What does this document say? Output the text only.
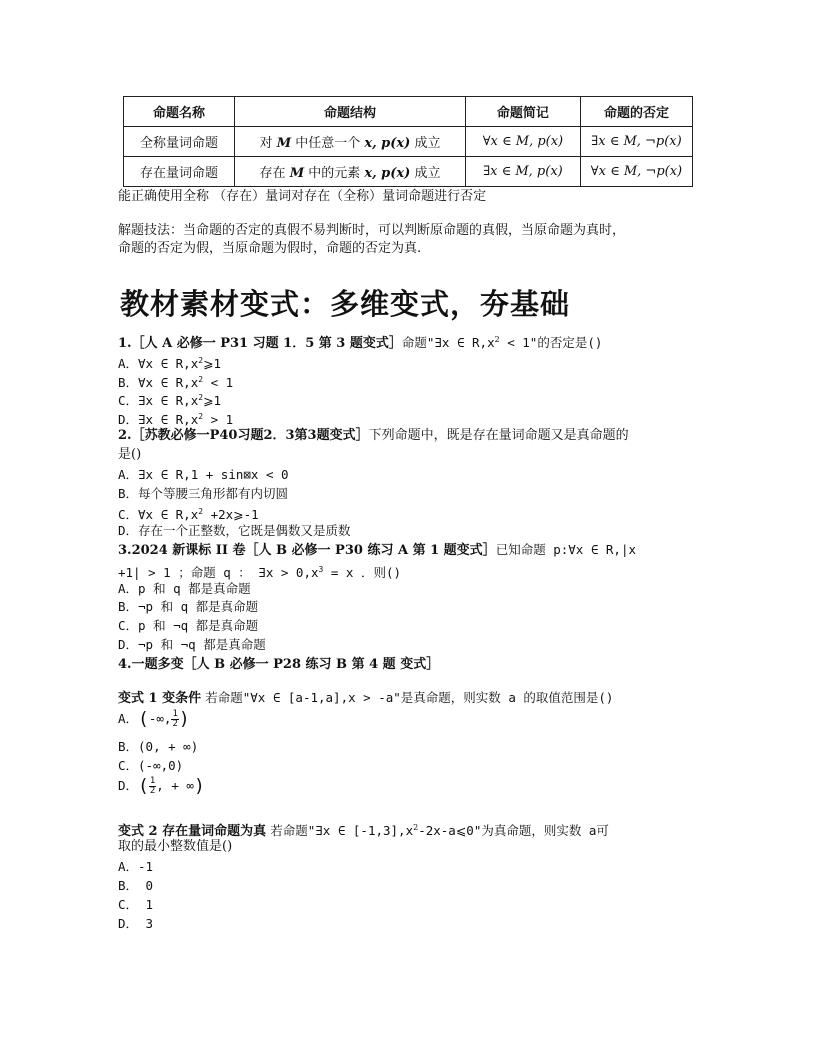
命题名称	命题结构	命题简记	命题的否定
全称量词命题	对 M 中任意一个 x, p(x) 成立	∀x ∈ M, p(x)	∃x ∈ M, ¬p(x)
存在量词命题	存在 M 中的元素 x, p(x) 成立	∃x ∈ M, p(x)	∀x ∈ M, ¬p(x)
能正确使用全称 （存在）量词对存在（全称）量词命题进行否定
解题技法：当命题的否定的真假不易判断时，可以判断原命题的真假，当原命题为真时，
命题的否定为假，当原命题为假时，命题的否定为真.
教材素材变式：多维变式，夯基础
1.［人 A 必修一 P31 习题 1．5 第 3 题变式］命题"∃x ∈ $R,x^2 < 1$"的否定是()
A．∀x ∈ $R,x^2⩾1$
B．∀x ∈ $R,x^2 < 1$
C．∃x ∈ $R,x^2⩾1$
D．∃x ∈ $R,x^2 > 1$
2.［苏教必修一P40习题2．3第3题变式］下列命题中，既是存在量词命题又是真命题的
是()
A．∃x ∈ R,1 + sin⊠x < 0
B．每个等腰三角形都有内切圆
C．∀x ∈ $R,x^2$ +2x⩾-1
D．存在一个正整数，它既是偶数又是质数
3.2024 新课标 II 卷［人 B 必修一 P30 练习 A 第 1 题变式］已知命题 p:∀x ∈ R,|x
+1| > 1 ；命题 q ： ∃x > $0,x^3 = x$ ．则()
A．p 和 q 都是真命题
B．¬p 和 q 都是真命题
C．p 和 ¬q 都是真命题
D．¬p 和 ¬q 都是真命题
4.一题多变［人 B 必修一 P28 练习 B 第 4 题 变式］
变式 1 变条件 若命题"∀x ∈ [a-1,a],x > -a"是真命题，则实数 a 的取值范围是()
A．(-∞, $\frac{1}{2}$ )
B．(0, + ∞)
C．(-∞,0)
D．( $\frac{1}{2}$ , + ∞)
变式 2 存在量词命题为真 若命题"∃x ∈ $[-1,3],x^2-2x-a⩽0$"为真命题，则实数 a可
取的最小整数值是()
A．-1
B． 0
C． 1
D． 3
